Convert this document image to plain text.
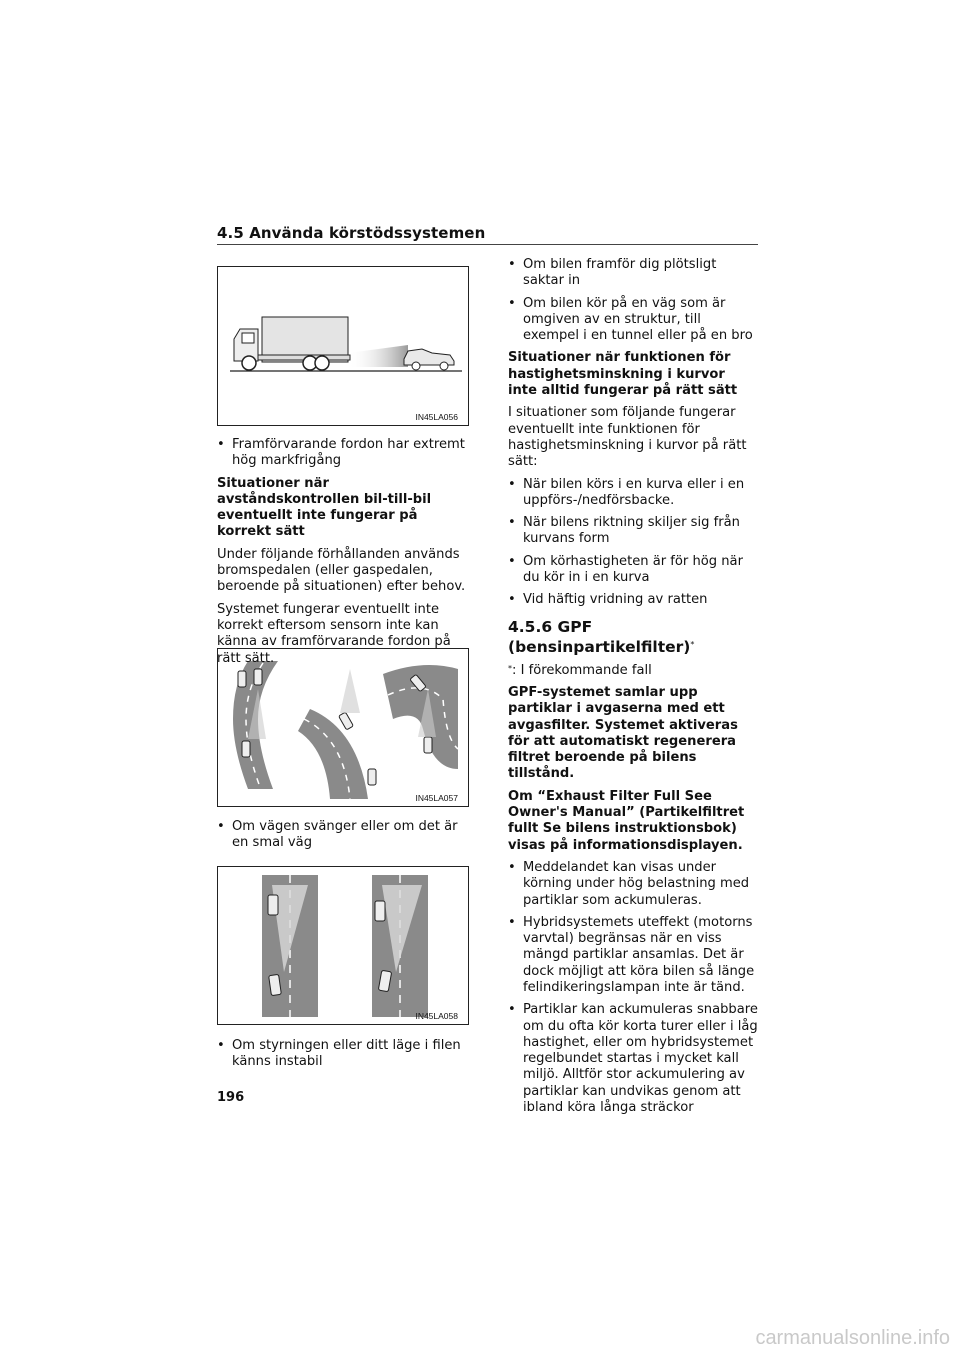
4.5 Använda körstödssystemen
IN45LA056
IN45LA057
IN45LA058
• Framförvarande fordon har extremt hög markfrigång
Situationer när avståndskontrollen bil-till-bil eventuellt inte fungerar på korrekt sätt
Under följande förhållanden används bromspedalen (eller gaspedalen, beroende på situationen) efter behov.
Systemet fungerar eventuellt inte korrekt eftersom sensorn inte kan känna av framförvarande fordon på rätt sätt.
• Om vägen svänger eller om det är en smal väg
• Om styrningen eller ditt läge i filen känns instabil
• Om bilen framför dig plötsligt saktar in
• Om bilen kör på en väg som är omgiven av en struktur, till exempel i en tunnel eller på en bro
Situationer när funktionen för hastighetsminskning i kurvor inte alltid fungerar på rätt sätt
I situationer som följande fungerar eventuellt inte funktionen för hastighetsminskning i kurvor på rätt sätt:
• När bilen körs i en kurva eller i en uppförs-/nedförsbacke.
• När bilens riktning skiljer sig från kurvans form
• Om körhastigheten är för hög när du kör in i en kurva
• Vid häftig vridning av ratten
4.5.6 GPF (bensinpartikelfilter)*
*: I förekommande fall
GPF-systemet samlar upp partiklar i avgaserna med ett avgasfilter. Systemet aktiveras för att automatiskt regenerera filtret beroende på bilens tillstånd.
Om “Exhaust Filter Full See Owner's Manual” (Partikelfiltret fullt Se bilens instruktionsbok) visas på informationsdisplayen.
• Meddelandet kan visas under körning under hög belastning med partiklar som ackumuleras.
• Hybridsystemets uteffekt (motorns varvtal) begränsas när en viss mängd partiklar ansamlas. Det är dock möjligt att köra bilen så länge felindikeringslampan inte är tänd.
• Partiklar kan ackumuleras snabbare om du ofta kör korta turer eller i låg hastighet, eller om hybridsystemet regelbundet startas i mycket kall miljö. Alltför stor ackumulering av partiklar kan undvikas genom att ibland köra långa sträckor
196
carmanualsonline.info
